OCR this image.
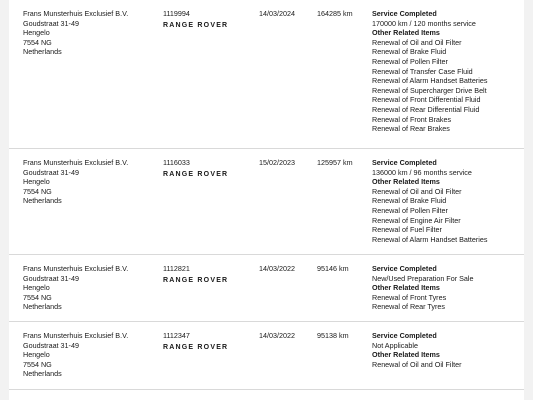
Frans Munsterhuis Exclusief B.V.
Goudstraat 31-49
Hengelo
7554 NG
Netherlands
1119994
RANGE ROVER
14/03/2024	164285 km	Service Completed
170000 km / 120 months service
Other Related Items
Renewal of Oil and Oil Filter
Renewal of Brake Fluid
Renewal of Pollen Filter
Renewal of Transfer Case Fluid
Renewal of Alarm Handset Batteries
Renewal of Supercharger Drive Belt
Renewal of Front Differential Fluid
Renewal of Rear Differential Fluid
Renewal of Front Brakes
Renewal of Rear Brakes
Frans Munsterhuis Exclusief B.V.
Goudstraat 31-49
Hengelo
7554 NG
Netherlands
1116033
RANGE ROVER
15/02/2023	125957 km	Service Completed
136000 km / 96 months service
Other Related Items
Renewal of Oil and Oil Filter
Renewal of Brake Fluid
Renewal of Pollen Filter
Renewal of Engine Air Filter
Renewal of Fuel Filter
Renewal of Alarm Handset Batteries
Frans Munsterhuis Exclusief B.V.
Goudstraat 31-49
Hengelo
7554 NG
Netherlands
1112821
RANGE ROVER
14/03/2022	95146 km	Service Completed
New/Used Preparation For Sale
Other Related Items
Renewal of Front Tyres
Renewal of Rear Tyres
Frans Munsterhuis Exclusief B.V.
Goudstraat 31-49
Hengelo
7554 NG
Netherlands
1112347
RANGE ROVER
14/03/2022	95138 km	Service Completed
Not Applicable
Other Related Items
Renewal of Oil and Oil Filter
